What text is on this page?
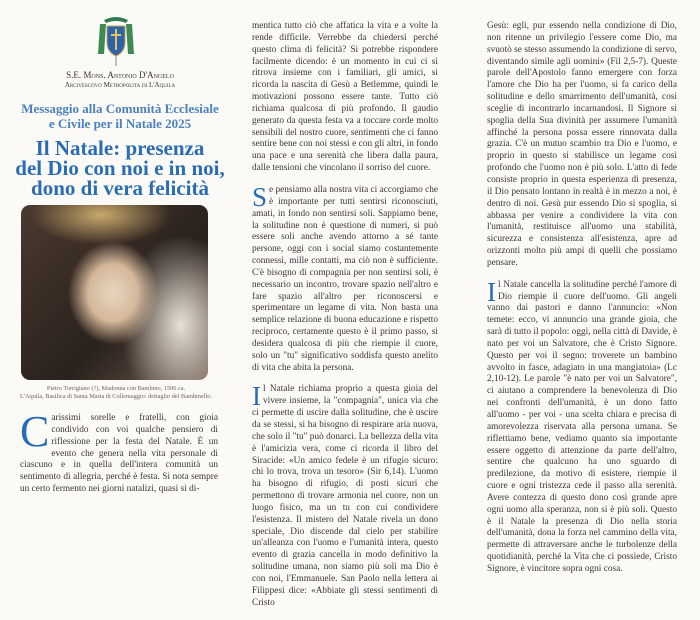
S.E. Mons. Antonio D'Angelo
Arcivescovo Metropolita di L'Aquila
Messaggio alla Comunità Ecclesiale
e Civile per il Natale 2025
Il Natale: presenza
del Dio con noi e in noi,
dono di vera felicità
Pietro Torrigiano (?), Madonna con Bambino, 1506 ca.
L'Aquila, Basilica di Santa Maria di Collemaggio: dettaglio del Bambinello.

Carissimi sorelle e fratelli, con gioia condivido con voi qualche pensiero di riflessione per la festa del Natale. È un evento che genera nella vita personale di ciascuno e in quella dell'intera comunità un sentimento di allegria, perché è festa. Si nota sempre un certo fermento nei giorni natalizi, quasi si di-

mentica tutto ciò che affatica la vita e a volte la rende difficile. Verrebbe da chiedersi perché questo clima di felicità? Si potrebbe rispondere facilmente dicendo: è un momento in cui ci si ritrova insieme con i familiari, gli amici, si ricorda la nascita di Gesù a Betlemme, quindi le motivazioni possono essere tante. Tutto ciò richiama qualcosa di più profondo. Il gaudio generato da questa festa va a toccare corde molto sensibili del nostro cuore, sentimenti che ci fanno sentire bene con noi stessi e con gli altri, in fondo una pace e una serenità che libera dalla paura, dalle tensioni che vincolano il sorriso del cuore.

Se pensiamo alla nostra vita ci accorgiamo che è importante per tutti sentirsi riconosciuti, amati, in fondo non sentirsi soli. Sappiamo bene, la solitudine non è questione di numeri, si può essere soli anche avendo attorno a sé tante persone, oggi con i social siamo costantemente connessi, mille contatti, ma ciò non è sufficiente. C'è bisogno di compagnia per non sentirsi soli, è necessario un incontro, trovare spazio nell'altro e fare spazio all'altro per riconoscersi e sperimentare un legame di vita. Non basta una semplice relazione di buona educazione e rispetto reciproco, certamente questo è il primo passo, si desidera qualcosa di più che riempie il cuore, solo un "tu" significativo soddisfa questo anelito di vita che abita la persona.

Il Natale richiama proprio a questa gioia del vivere insieme, la "compagnia", unica via che ci permette di uscire dalla solitudine, che è uscire da se stessi, si ha bisogno di respirare aria nuova, che solo il "tu" può donarci. La bellezza della vita è l'amicizia vera, come ci ricorda il libro del Siracide: «Un amico fedele è un rifugio sicuro: chi lo trova, trova un tesoro» (Sir 6,14). L'uomo ha bisogno di rifugio, di posti sicuri che permettono di trovare armonia nel cuore, non un luogo fisico, ma un tu con cui condividere l'esistenza. Il mistero del Natale rivela un dono speciale, Dio discende dal cielo per stabilire un'alleanza con l'uomo e l'umanità intera, questo evento di grazia cancella in modo definitivo la solitudine umana, non siamo più soli ma Dio è con noi, l'Emmanuele. San Paolo nella lettera ai Filippesi dice: «Abbiate gli stessi sentimenti di Cristo

Gesù: egli, pur essendo nella condizione di Dio, non ritenne un privilegio l'essere come Dio, ma svuotò se stesso assumendo la condizione di servo, diventando simile agli uomini» (Fil 2,5-7). Queste parole dell'Apostolo fanno emergere con forza l'amore che Dio ha per l'uomo, si fa carico della solitudine e dello smarrimento dell'umanità, così sceglie di incontrarlo incarnandosi. Il Signore si spoglia della Sua divinità per assumere l'umanità affinché la persona possa essere rinnovata dalla grazia. C'è un mutuo scambio tra Dio e l'uomo, e proprio in questo si stabilisce un legame così profondo che l'uomo non è più solo. L'atto di fede consiste proprio in questa esperienza di presenza, il Dio pensato lontano in realtà è in mezzo a noi, è dentro di noi. Gesù pur essendo Dio si spoglia, si abbassa per venire a condividere la vita con l'umanità, restituisce all'uomo una stabilità, sicurezza e consistenza all'esistenza, apre ad orizzonti molto più ampi di quelli che possiamo pensare.

Il Natale cancella la solitudine perché l'amore di Dio riempie il cuore dell'uomo. Gli angeli vanno dai pastori e danno l'annuncio: «Non temete: ecco, vi annuncio una grande gioia, che sarà di tutto il popolo: oggi, nella città di Davide, è nato per voi un Salvatore, che è Cristo Signore. Questo per voi il segno: troverete un bambino avvolto in fasce, adagiato in una mangiatoia» (Lc 2,10-12). Le parole "è nato per voi un Salvatore", ci aiutano a comprendere la benevolenza di Dio nei confronti dell'umanità, è un dono fatto all'uomo - per voi - una scelta chiara e precisa di amorevolezza riservata alla persona umana. Se riflettiamo bene, vediamo quanto sia importante essere oggetto di attenzione da parte dell'altro, sentire che qualcuno ha uno sguardo di predilezione, da motivo di esistere, riempie il cuore e ogni tristezza cede il passo alla serenità. Avere contezza di questo dono così grande apre ogni uomo alla speranza, non si è più soli. Questo è il Natale la presenza di Dio nella storia dell'umanità, dona la forza nel cammino della vita, permette di attraversare anche le turbolenze della quotidianità, perché la Vita che ci possiede, Cristo Signore, è vincitore sopra ogni cosa.
